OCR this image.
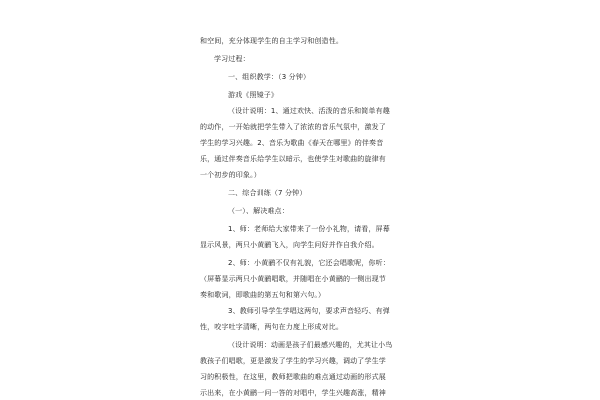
和空间，充分体现学生的自主学习和创造性。
学习过程：
一、组织教学：（3 分钟）
游戏《照镜子》
（设计说明：1、通过欢快、活泼的音乐和简单有趣
的动作，一开始就把学生带入了浓浓的音乐气氛中，激发了
学生的学习兴趣。2、音乐为歌曲《春天在哪里》的伴奏音
乐，通过伴奏音乐给学生以暗示，也使学生对歌曲的旋律有
一个初步的印象。）
二、综合训练（7 分钟）
（一）、解决难点：
1、师：老师给大家带来了一份小礼物，请看，屏幕
显示风景，两只小黄鹂飞入，向学生问好并作自我介绍。
2、师：小黄鹂不仅有礼貌，它还会唱歌呢，你听：
（屏幕显示两只小黄鹂唱歌，并随唱在小黄鹂的一侧出现节
奏和歌词，即歌曲的第五句和第六句。）
3、教师引导学生学唱这两句，要求声音轻巧、有弹
性，咬字吐字清晰，两句在力度上形成对比。
（设计说明：动画是孩子们最感兴趣的，尤其让小鸟
教孩子们唱歌，更是激发了学生的学习兴趣，调动了学生学
习的积极性，在这里，教师把歌曲的难点通过动画的形式展
示出来，在小黄鹂一问一答的对唱中，学生兴趣高涨，精神
